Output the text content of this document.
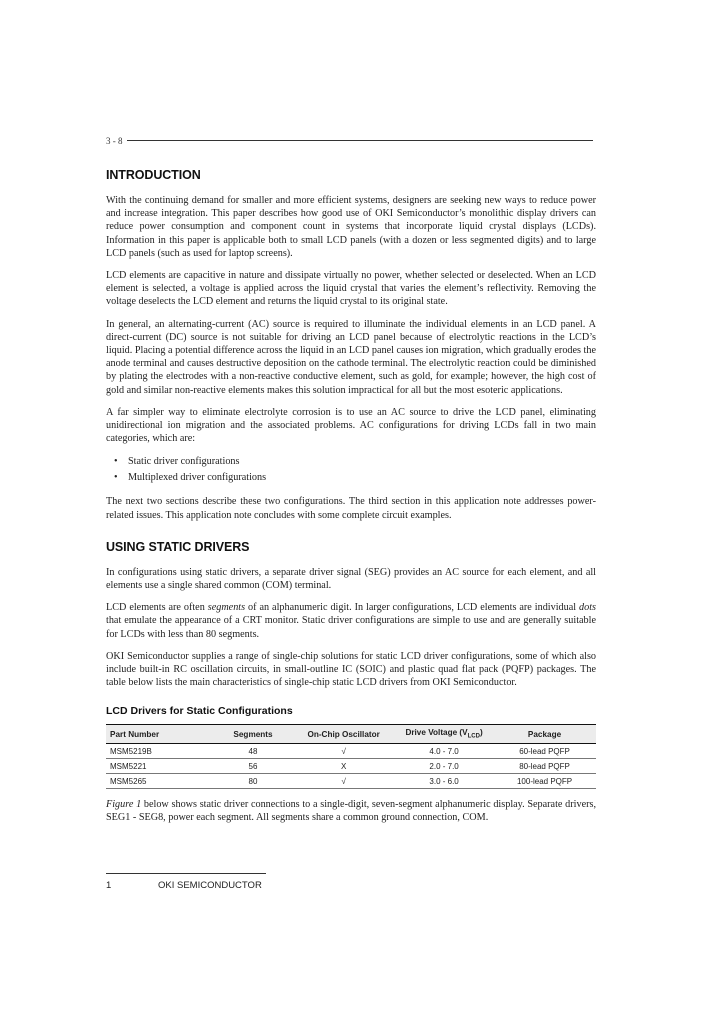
3 - 8
INTRODUCTION

With the continuing demand for smaller and more efficient systems, designers are seeking new ways to reduce power and increase integration. This paper describes how good use of OKI Semiconductor’s monolithic display drivers can reduce power consumption and component count in systems that incorporate liquid crystal displays (LCDs). Information in this paper is applicable both to small LCD panels (with a dozen or less segmented digits) and to large LCD panels (such as used for laptop screens).

LCD elements are capacitive in nature and dissipate virtually no power, whether selected or deselected. When an LCD element is selected, a voltage is applied across the liquid crystal that varies the element’s reflectivity. Removing the voltage deselects the LCD element and returns the liquid crystal to its original state.

In general, an alternating-current (AC) source is required to illuminate the individual elements in an LCD panel. A direct-current (DC) source is not suitable for driving an LCD panel because of electrolytic reactions in the LCD’s liquid. Placing a potential difference across the liquid in an LCD panel causes ion migration, which gradually erodes the anode terminal and causes destructive deposition on the cathode terminal. The electrolytic reaction could be diminished by plating the electrodes with a non-reactive conductive element, such as gold, for example; however, the high cost of gold and similar non-reactive elements makes this solution impractical for all but the most esoteric applications.

A far simpler way to eliminate electrolyte corrosion is to use an AC source to drive the LCD panel, eliminating unidirectional ion migration and the associated problems. AC configurations for driving LCDs fall in two main categories, which are:

• Static driver configurations
• Multiplexed driver configurations

The next two sections describe these two configurations. The third section in this application note addresses power-related issues. This application note concludes with some complete circuit examples.

USING STATIC DRIVERS

In configurations using static drivers, a separate driver signal (SEG) provides an AC source for each element, and all elements use a single shared common (COM) terminal.

LCD elements are often segments of an alphanumeric digit. In larger configurations, LCD elements are individual dots that emulate the appearance of a CRT monitor. Static driver configurations are simple to use and are generally suitable for LCDs with less than 80 segments.

OKI Semiconductor supplies a range of single-chip solutions for static LCD driver configurations, some of which also include built-in RC oscillation circuits, in small-outline IC (SOIC) and plastic quad flat pack (PQFP) packages. The table below lists the main characteristics of single-chip static LCD drivers from OKI Semiconductor.

LCD Drivers for Static Configurations
Part Number	Segments	On-Chip Oscillator	Drive Voltage $(V_{LCD})$	Package
MSM5219B	48	√	4.0 - 7.0	60-lead PQFP
MSM5221	56	X	2.0 - 7.0	80-lead PQFP
MSM5265	80	√	3.0 - 6.0	100-lead PQFP

Figure 1 below shows static driver connections to a single-digit, seven-segment alphanumeric display. Separate drivers, SEG1 - SEG8, power each segment. All segments share a common ground connection, COM.

1	OKI SEMICONDUCTOR
